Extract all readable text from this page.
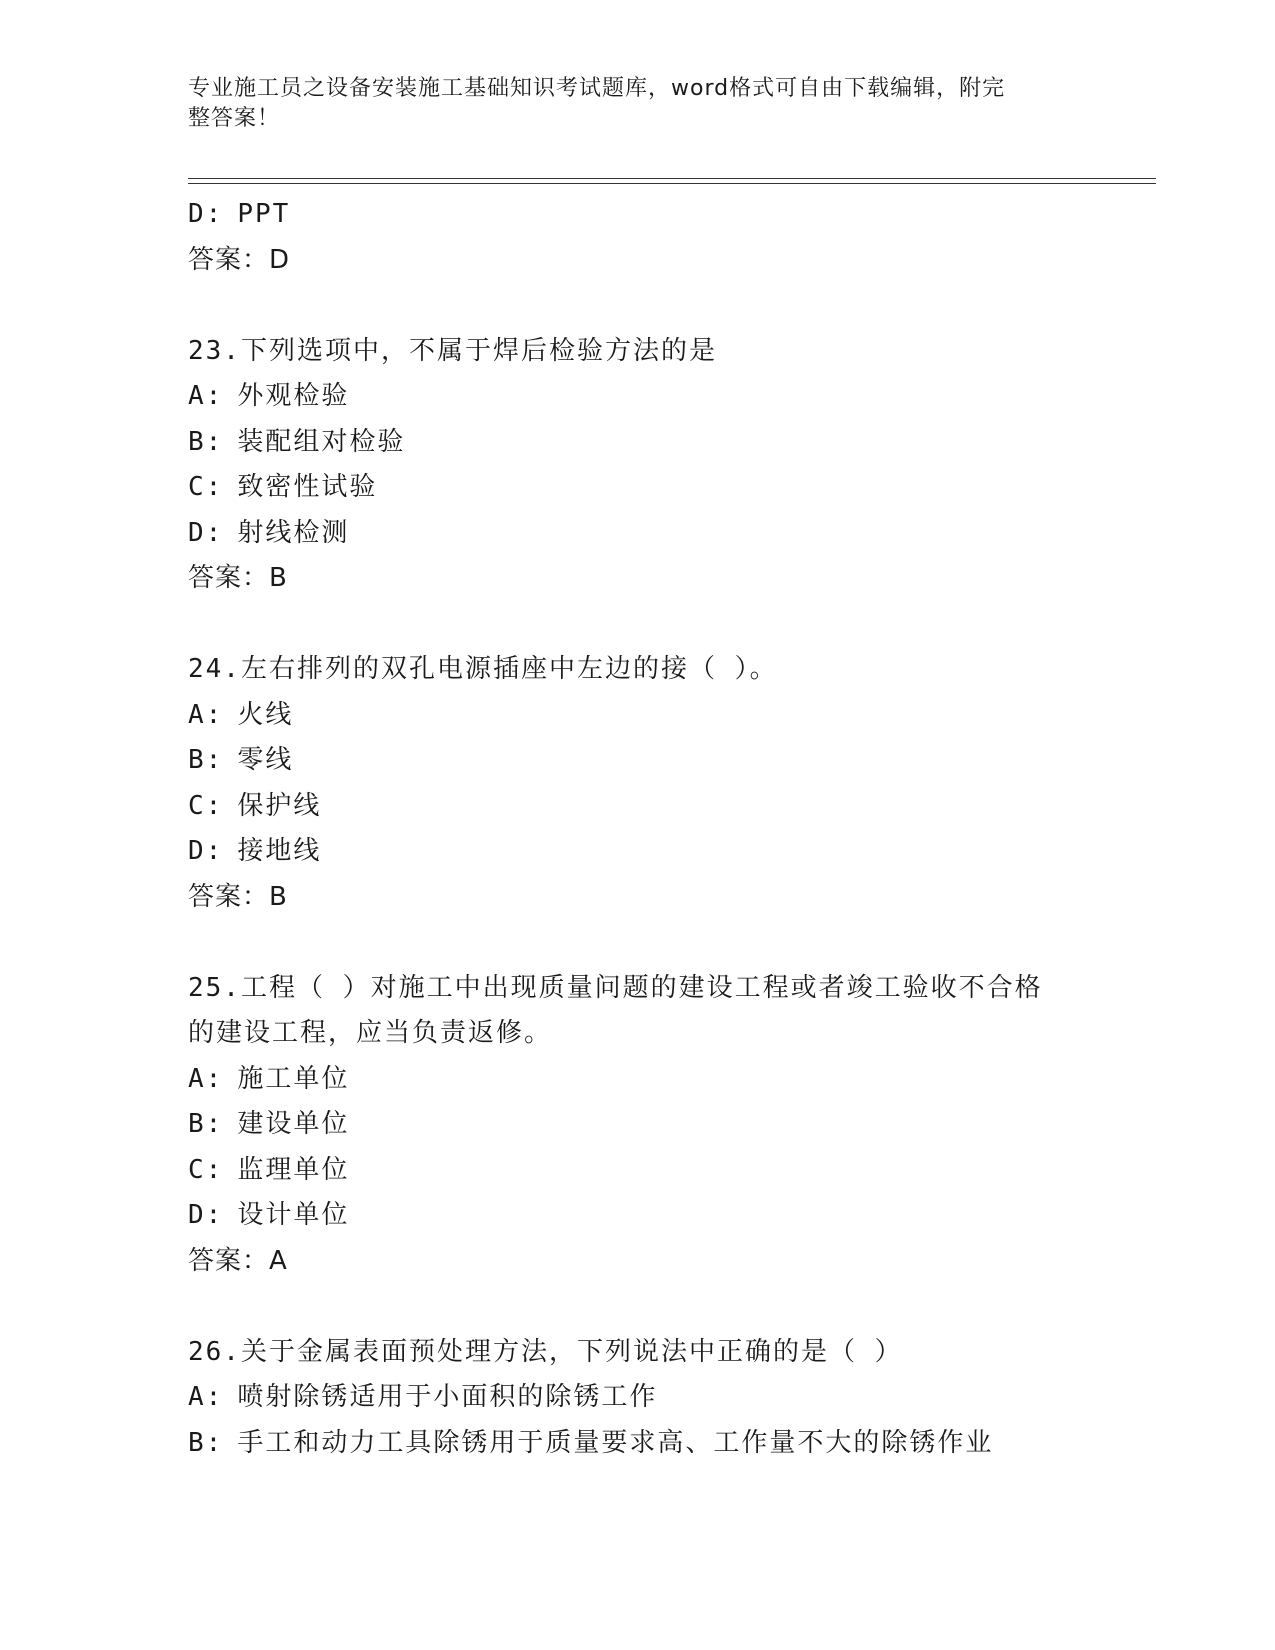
专业施工员之设备安装施工基础知识考试题库，word格式可自由下载编辑，附完
整答案！
D: PPT
答案：D
23.下列选项中，不属于焊后检验方法的是
A: 外观检验
B: 装配组对检验
C: 致密性试验
D: 射线检测
答案：B
24.左右排列的双孔电源插座中左边的接（ ）。
A: 火线
B: 零线
C: 保护线
D: 接地线
答案：B
25.工程（ ）对施工中出现质量问题的建设工程或者竣工验收不合格
的建设工程，应当负责返修。
A: 施工单位
B: 建设单位
C: 监理单位
D: 设计单位
答案：A
26.关于金属表面预处理方法，下列说法中正确的是（ ）
A: 喷射除锈适用于小面积的除锈工作
B: 手工和动力工具除锈用于质量要求高、工作量不大的除锈作业
